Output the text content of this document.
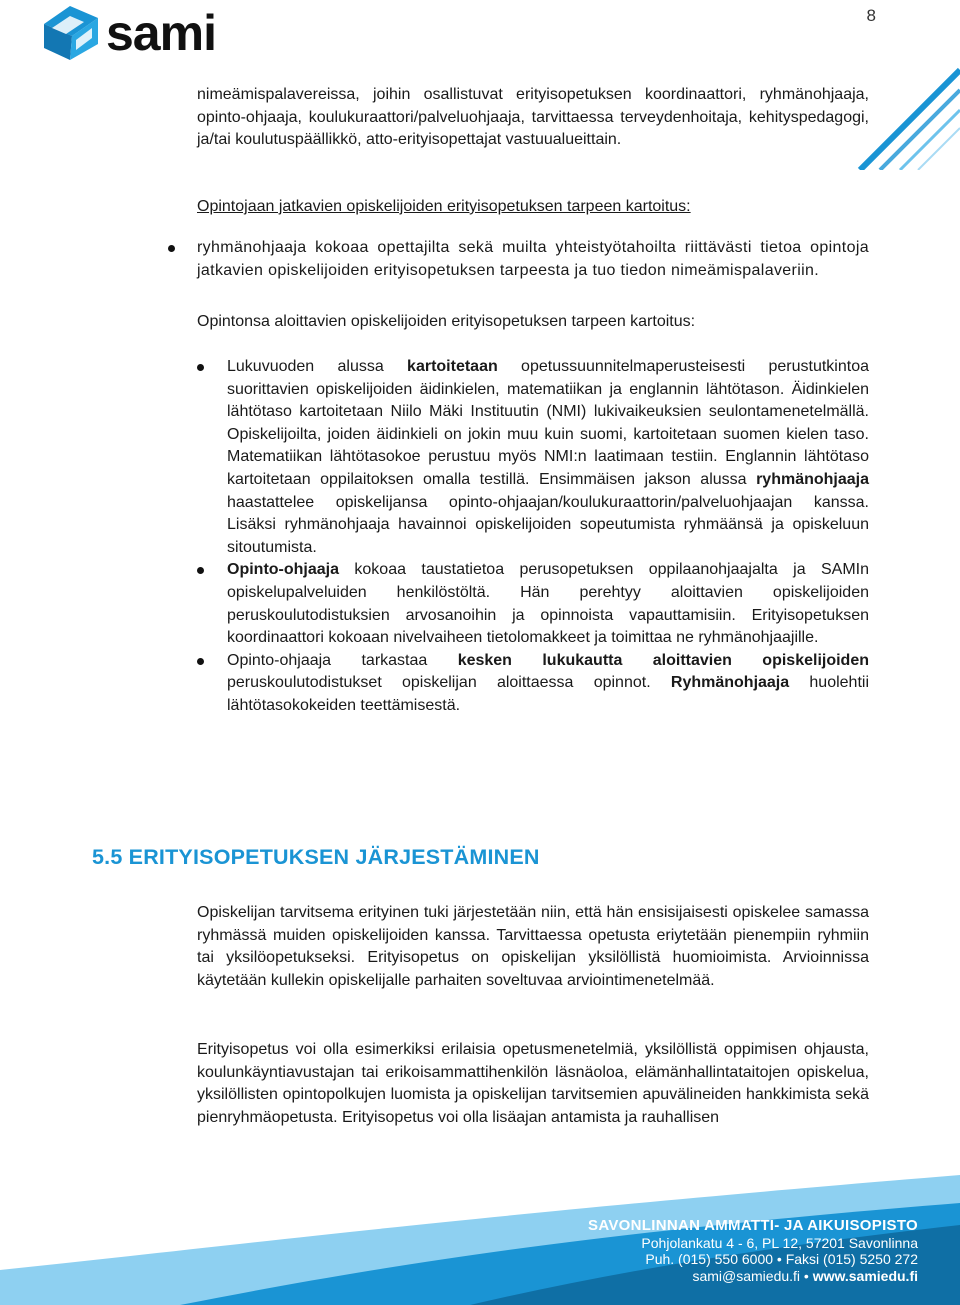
sami	8
nimeämispalavereissa, joihin osallistuvat erityisopetuksen koordinaattori, ryhmänohjaaja, opinto-ohjaaja, koulukuraattori/palveluohjaaja, tarvittaessa terveydenhoitaja, kehityspedagogi, ja/tai koulutuspäällikkö, atto-erityisopettajat vastuualueittain.
Opintojaan jatkavien opiskelijoiden erityisopetuksen tarpeen kartoitus:
ryhmänohjaaja kokoaa opettajilta sekä muilta yhteistyötahoilta riittävästi tietoa opintoja jatkavien opiskelijoiden erityisopetuksen tarpeesta ja tuo tiedon nimeämispalaveriin.
Opintonsa aloittavien opiskelijoiden erityisopetuksen tarpeen kartoitus:
Lukuvuoden alussa kartoitetaan opetussuunnitelmaperusteisesti perustutkintoa suorittavien opiskelijoiden äidinkielen, matematiikan ja englannin lähtötason. Äidinkielen lähtötaso kartoitetaan Niilo Mäki Instituutin (NMI) lukivaikeuksien seulontamenetelmällä. Opiskelijoilta, joiden äidinkieli on jokin muu kuin suomi, kartoitetaan suomen kielen taso. Matematiikan lähtötasokoe perustuu myös NMI:n laatimaan testiin. Englannin lähtötaso kartoitetaan oppilaitoksen omalla testillä. Ensimmäisen jakson alussa ryhmänohjaaja haastattelee opiskelijansa opinto-ohjaajan/koulukuraattorin/palveluohjaajan kanssa. Lisäksi ryhmänohjaaja havainnoi opiskelijoiden sopeutumista ryhmäänsä ja opiskeluun sitoutumista.
Opinto-ohjaaja kokoaa taustatietoa perusopetuksen oppilaanohjaajalta ja SAMIn opiskelupalveluiden henkilöstöltä. Hän perehtyy aloittavien opiskelijoiden peruskoulutodistuksien arvosanoihin ja opinnoista vapauttamisiin. Erityisopetuksen koordinaattori kokoaan nivelvaiheen tietolomakkeet ja toimittaa ne ryhmänohjaajille.
Opinto-ohjaaja tarkastaa kesken lukukautta aloittavien opiskelijoiden peruskoulutodistukset opiskelijan aloittaessa opinnot. Ryhmänohjaaja huolehtii lähtötasokokeiden teettämisestä.
5.5 ERITYISOPETUKSEN JÄRJESTÄMINEN
Opiskelijan tarvitsema erityinen tuki järjestetään niin, että hän ensisijaisesti opiskelee samassa ryhmässä muiden opiskelijoiden kanssa. Tarvittaessa opetusta eriytetään pienempiin ryhmiin tai yksilöopetukseksi. Erityisopetus on opiskelijan yksilöllistä huomioimista. Arvioinnissa käytetään kullekin opiskelijalle parhaiten soveltuvaa arviointimenetelmää.
Erityisopetus voi olla esimerkiksi erilaisia opetusmenetelmiä, yksilöllistä oppimisen ohjausta, koulunkäyntiavustajan tai erikoisammattihenkilön läsnäoloa, elämänhallintataitojen opiskelua, yksilöllisten opintopolkujen luomista ja opiskelijan tarvitsemien apuvälineiden hankkimista sekä pienryhmäopetusta. Erityisopetus voi olla lisäajan antamista ja rauhallisen
SAVONLINNAN AMMATTI- JA AIKUISOPISTO
Pohjolankatu 4 - 6, PL 12, 57201 Savonlinna
Puh. (015) 550 6000 • Faksi (015) 5250 272
sami@samiedu.fi • www.samiedu.fi
